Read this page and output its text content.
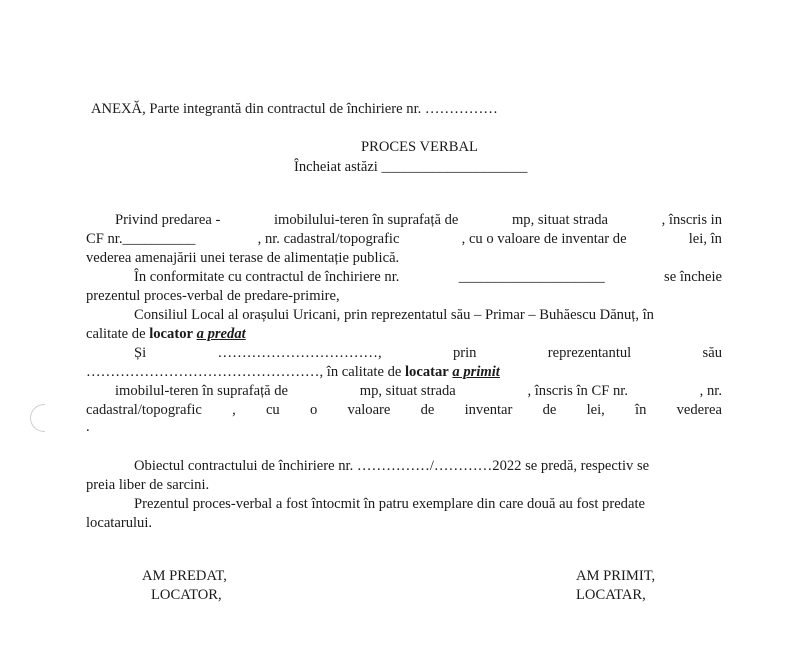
ANEXĂ, Parte integrantă din contractul de închiriere nr. ……………
PROCES VERBAL
Încheiat astăzi ____________________
Privind predarea -	imobilului-teren în suprafață de	mp, situat strada	, înscris in
CF nr.__________	, nr. cadastral/topografic	, cu o valoare de inventar de	lei, în
vederea amenajării unei terase de alimentație publică.
În conformitate cu contractul de închiriere nr.	____________________	se încheie
prezentul proces-verbal de predare-primire,
Consiliul Local al orașului Uricani, prin reprezentatul său – Primar – Buhăescu Dănuț, în
calitate de locator a predat
Și	……………………………,	prin	reprezentantul	său
…………………………………………, în calitate de locatar a primit
imobilul-teren în suprafață de	mp, situat strada	, înscris în CF nr.	, nr.
cadastral/topografic , cu o valoare de inventar de lei, în vederea
.
Obiectul contractului de închiriere nr. ……………/…………2022 se predă, respectiv se
preia liber de sarcini.
Prezentul proces-verbal a fost întocmit în patru exemplare din care două au fost predate
locatarului.
AM PREDAT,
LOCATOR,
AM PRIMIT,
LOCATAR,
